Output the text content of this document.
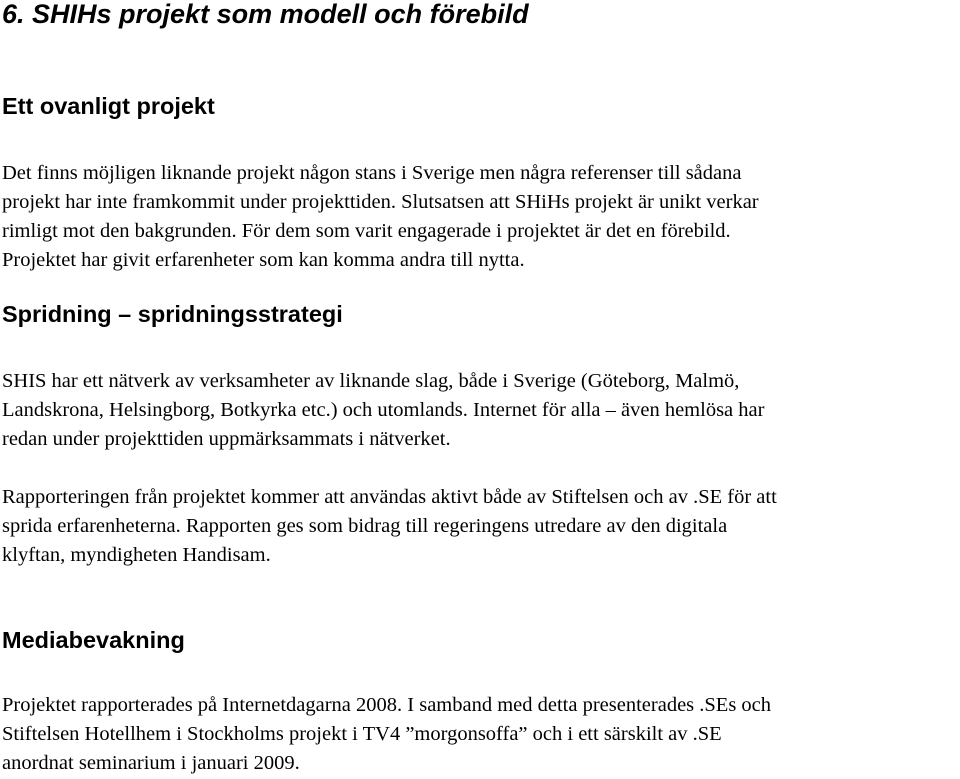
6. SHIHs projekt som modell och förebild
Ett ovanligt projekt

Det finns möjligen liknande projekt någon stans i Sverige men några referenser till sådana
projekt har inte framkommit under projekttiden. Slutsatsen att SHiHs projekt är unikt verkar
rimligt mot den bakgrunden. För dem som varit engagerade i projektet är det en förebild.
Projektet har givit erfarenheter som kan komma andra till nytta.

Spridning – spridningsstrategi

SHIS har ett nätverk av verksamheter av liknande slag, både i Sverige (Göteborg, Malmö,
Landskrona, Helsingborg, Botkyrka etc.) och utomlands. Internet för alla – även hemlösa har
redan under projekttiden uppmärksammats i nätverket.

Rapporteringen från projektet kommer att användas aktivt både av Stiftelsen och av .SE för att
sprida erfarenheterna. Rapporten ges som bidrag till regeringens utredare av den digitala
klyftan, myndigheten Handisam.

Mediabevakning

Projektet rapporterades på Internetdagarna 2008. I samband med detta presenterades .SEs och
Stiftelsen Hotellhem i Stockholms projekt i TV4 ”morgonsoffa” och i ett särskilt av .SE
anordnat seminarium i januari 2009.
